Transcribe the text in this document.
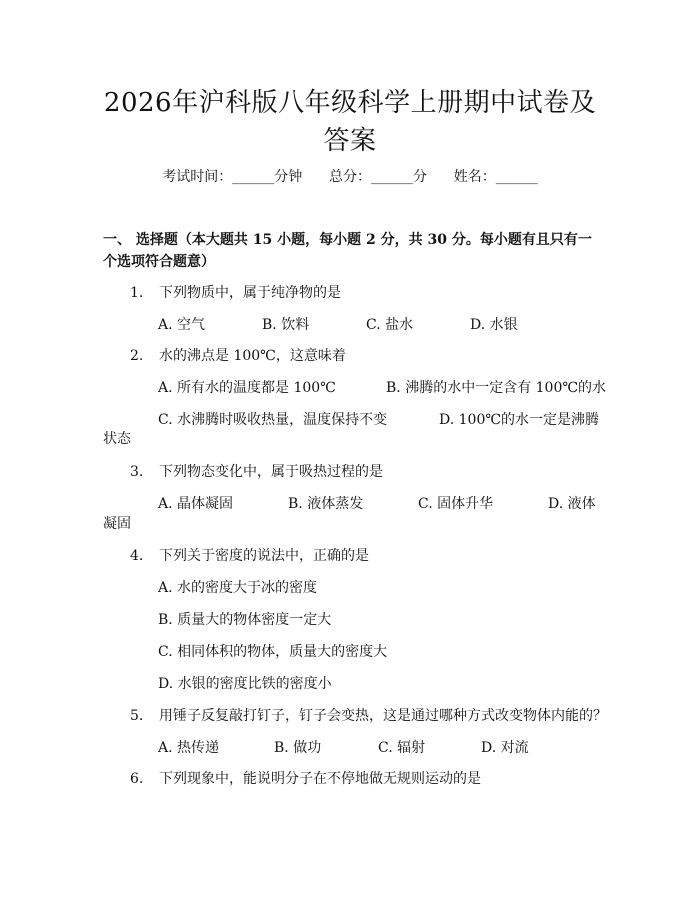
2026年沪科版八年级科学上册期中试卷及答案
考试时间：______分钟 总分：______分 姓名：______
一、 选择题（本大题共 15 小题，每小题 2 分，共 30 分。每小题有且只有一个选项符合题意）
1. 下列物质中，属于纯净物的是
A. 空气	B. 饮料	C. 盐水	D. 水银
2. 水的沸点是 100℃，这意味着
A. 所有水的温度都是 100℃	B. 沸腾的水中一定含有 100℃的水
C. 水沸腾时吸收热量，温度保持不变	D. 100℃的水一定是沸腾
状态
3. 下列物态变化中，属于吸热过程的是
A. 晶体凝固	B. 液体蒸发	C. 固体升华	D. 液体
凝固
4. 下列关于密度的说法中，正确的是
A. 水的密度大于冰的密度
B. 质量大的物体密度一定大
C. 相同体积的物体，质量大的密度大
D. 水银的密度比铁的密度小
5. 用锤子反复敲打钉子，钉子会变热，这是通过哪种方式改变物体内能的？
A. 热传递	B. 做功	C. 辐射	D. 对流
6. 下列现象中，能说明分子在不停地做无规则运动的是
